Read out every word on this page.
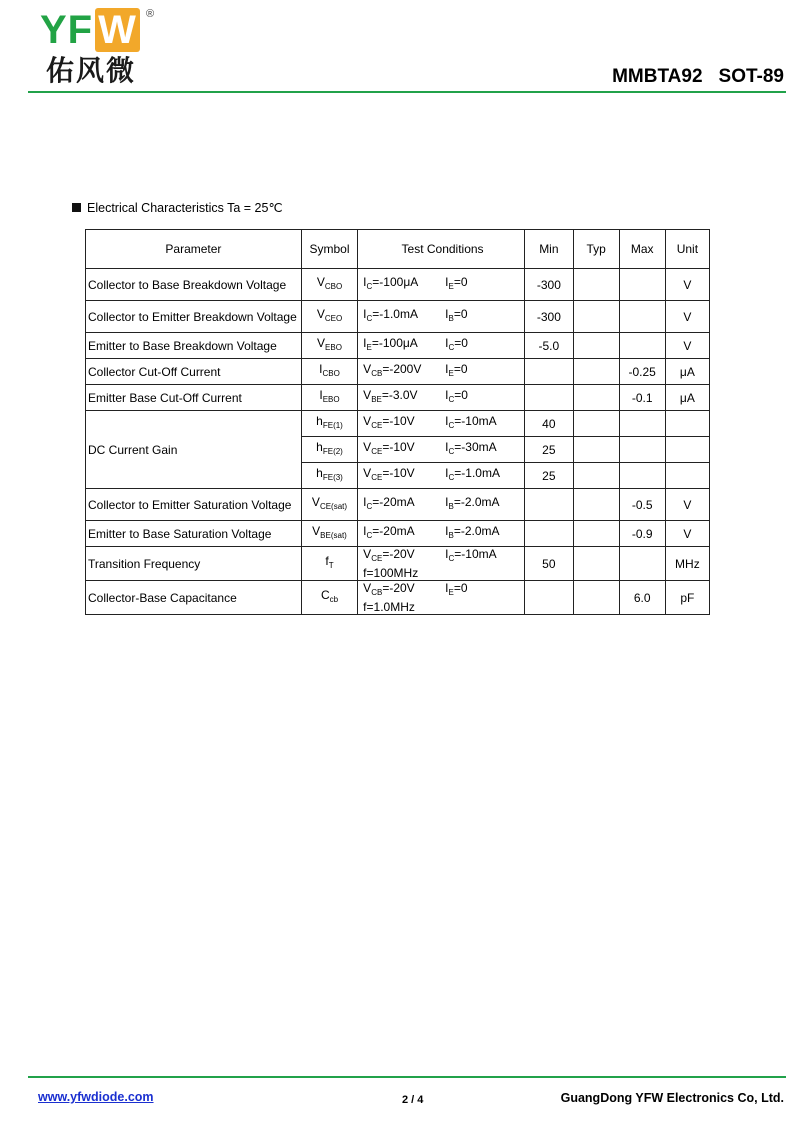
YF W ®
佑风微	MMBTA92 SOT-89
Electrical Characteristics Ta = 25℃
Parameter	Symbol	Test Conditions	Min	Typ	Max	Unit
Collector to Base Breakdown Voltage	$V_{CBO}$	$I_C=-100\mu A$ $I_E=0$	-300			V
Collector to Emitter Breakdown Voltage	$V_{CEO}$	$I_C=-1.0mA$ $I_B=0$	-300			V
Emitter to Base Breakdown Voltage	$V_{EBO}$	$I_E=-100\mu A$ $I_C=0$	-5.0			V
Collector Cut-Off Current	$I_{CBO}$	$V_{CB}=-200V$ $I_E=0$			-0.25	μA
Emitter Base Cut-Off Current	$I_{EBO}$	$V_{BE}=-3.0V$ $I_C=0$			-0.1	μA
DC Current Gain	$h_{FE(1)}$	$V_{CE}=-10V$ $I_C=-10mA$	40			
	$h_{FE(2)}$	$V_{CE}=-10V$ $I_C=-30mA$	25			
	$h_{FE(3)}$	$V_{CE}=-10V$ $I_C=-1.0mA$	25			
Collector to Emitter Saturation Voltage	$V_{CE(sat)}$	$I_C=-20mA$ $I_B=-2.0mA$			-0.5	V
Emitter to Base Saturation Voltage	$V_{BE(sat)}$	$I_C=-20mA$ $I_B=-2.0mA$			-0.9	V
Transition Frequency	$f_T$	$V_{CE}=-20V$ $I_C=-10mA$
f=100MHz	50			MHz
Collector-Base Capacitance	$C_{cb}$	$V_{CB}=-20V$ $I_E=0$
f=1.0MHz			6.0	pF
www.yfwdiode.com	2 / 4	GuangDong YFW Electronics Co, Ltd.
